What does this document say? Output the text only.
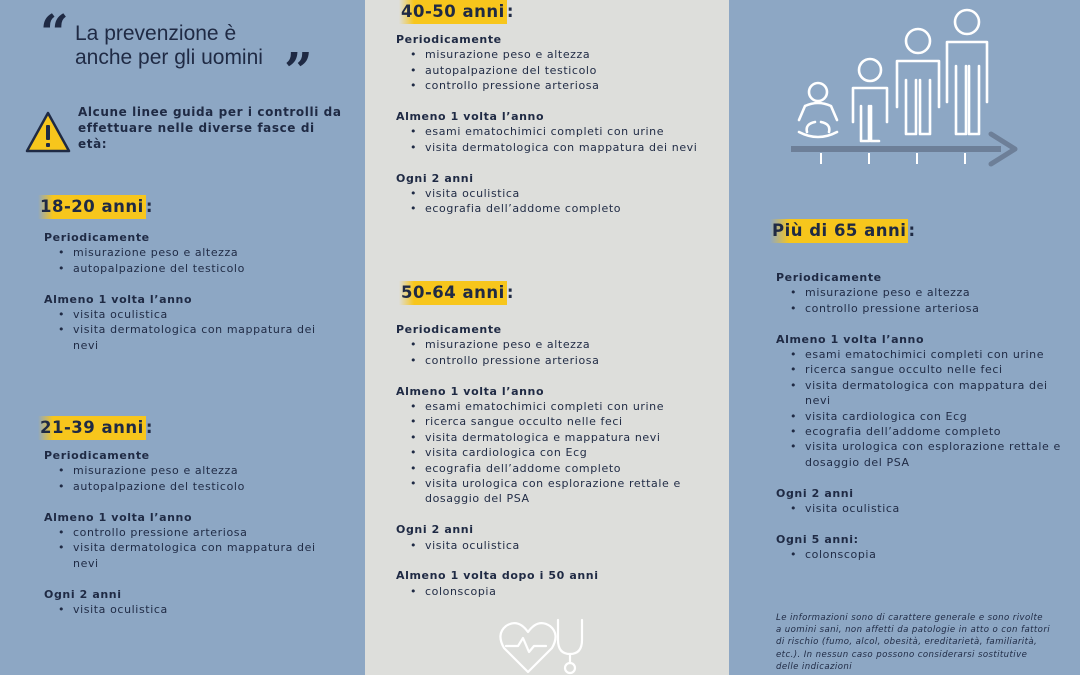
“ La prevenzione è
anche per gli uomini ”
Alcune linee guida per i controlli da effettuare nelle diverse fasce di età:
18-20 anni :
Periodicamente
• misurazione peso e altezza
• autopalpazione del testicolo
Almeno 1 volta l’anno
• visita oculistica
• visita dermatologica con mappatura dei nevi
21-39 anni :
Periodicamente
• misurazione peso e altezza
• autopalpazione del testicolo
Almeno 1 volta l’anno
• controllo pressione arteriosa
• visita dermatologica con mappatura dei nevi
Ogni 2 anni
• visita oculistica
40-50 anni :
Periodicamente
• misurazione peso e altezza
• autopalpazione del testicolo
• controllo pressione arteriosa
Almeno 1 volta l’anno
• esami ematochimici completi con urine
• visita dermatologica con mappatura dei nevi
Ogni 2 anni
• visita oculistica
• ecografia dell’addome completo
50-64 anni :
Periodicamente
• misurazione peso e altezza
• controllo pressione arteriosa
Almeno 1 volta l’anno
• esami ematochimici completi con urine
• ricerca sangue occulto nelle feci
• visita dermatologica e mappatura nevi
• visita cardiologica con Ecg
• ecografia dell’addome completo
• visita urologica con esplorazione rettale e dosaggio del PSA
Ogni 2 anni
• visita oculistica
Almeno 1 volta dopo i 50 anni
• colonscopia
Più di 65 anni :
Periodicamente
• misurazione peso e altezza
• controllo pressione arteriosa
Almeno 1 volta l’anno
• esami ematochimici completi con urine
• ricerca sangue occulto nelle feci
• visita dermatologica con mappatura dei nevi
• visita cardiologica con Ecg
• ecografia dell’addome completo
• visita urologica con esplorazione rettale e dosaggio del PSA
Ogni 2 anni
• visita oculistica
Ogni 5 anni:
• colonscopia
Le informazioni sono di carattere generale e sono rivolte a uomini sani, non affetti da patologie in atto o con fattori di rischio (fumo, alcol, obesità, ereditarietà, familiarità, etc.). In nessun caso possono considerarsi sostitutive delle indicazioni
